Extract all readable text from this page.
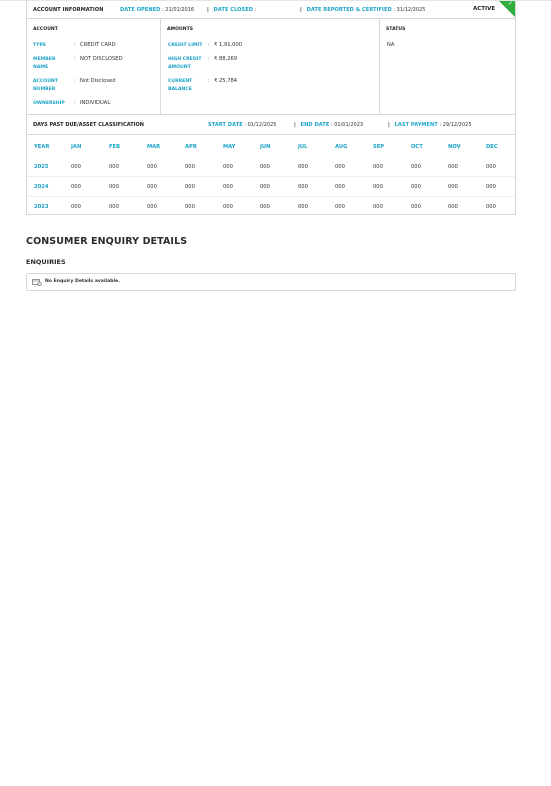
ACCOUNT INFORMATION	DATE OPENED : 21/01/2016	| DATE CLOSED :	| DATE REPORTED & CERTIFIED : 31/12/2025	ACTIVE
✓
ACCOUNT
TYPE	: CREDIT CARD
MEMBER NAME
: NOT DISCLOSED
ACCOUNT NUMBER
: Not Disclosed
OWNERSHIP	: INDIVIDUAL
AMOUNTS
CREDIT LIMIT	: ₹ 1,91,000
HIGH CREDIT AMOUNT
: ₹ 88,269
CURRENT BALANCE
: ₹ 25,784
STATUS
NA
DAYS PAST DUE/ASSET CLASSIFICATION	START DATE : 01/12/2025	| END DATE : 01/01/2023	| LAST PAYMENT : 29/12/2025
YEAR	JAN	FEB	MAR	APR	MAY	JUN	JUL	AUG	SEP	OCT	NOV	DEC
2025	000	000	000	000	000	000	000	000	000	000	000	000
2024	000	000	000	000	000	000	000	000	000	000	000	000
2023	000	000	000	000	000	000	000	000	000	000	000	000
CONSUMER ENQUIRY DETAILS
ENQUIRIES
No Enquiry Details available.
